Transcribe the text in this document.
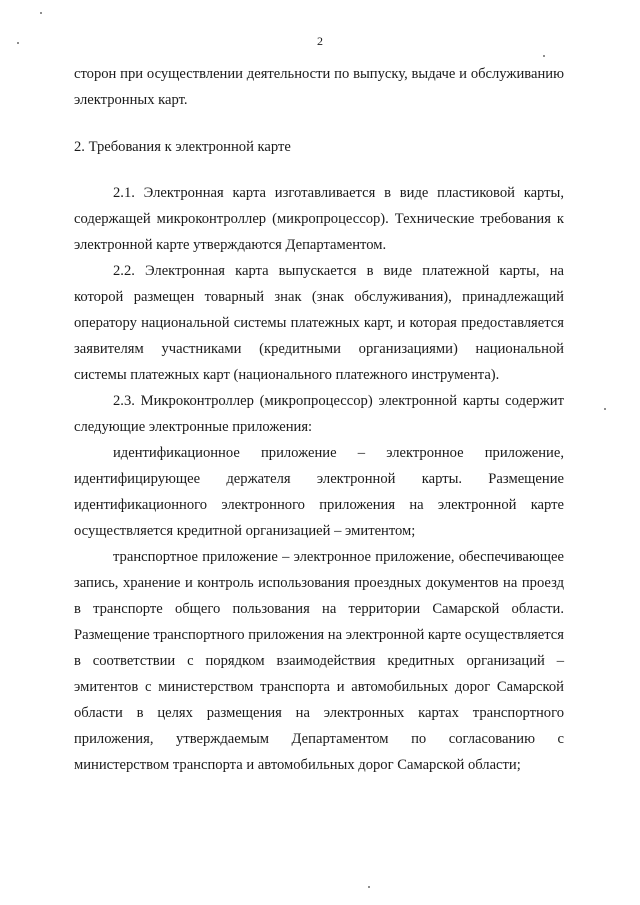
2

сторон при осуществлении деятельности по выпуску, выдаче и обслуживанию электронных карт.

2. Требования к электронной карте

2.1. Электронная карта изготавливается в виде пластиковой карты, содержащей микроконтроллер (микропроцессор). Технические требования к электронной карте утверждаются Департаментом.

2.2. Электронная карта выпускается в виде платежной карты, на которой размещен товарный знак (знак обслуживания), принадлежащий оператору национальной системы платежных карт, и которая предоставляется заявителям участниками (кредитными организациями) национальной системы платежных карт (национального платежного инструмента).

2.3. Микроконтроллер (микропроцессор) электронной карты содержит следующие электронные приложения:

идентификационное приложение – электронное приложение, идентифицирующее держателя электронной карты. Размещение идентификационного электронного приложения на электронной карте осуществляется кредитной организацией – эмитентом;

транспортное приложение – электронное приложение, обеспечивающее запись, хранение и контроль использования проездных документов на проезд в транспорте общего пользования на территории Самарской области. Размещение транспортного приложения на электронной карте осуществляется в соответствии с порядком взаимодействия кредитных организаций – эмитентов с министерством транспорта и автомобильных дорог Самарской области в целях размещения на электронных картах транспортного приложения, утверждаемым Департаментом по согласованию с министерством транспорта и автомобильных дорог Самарской области;
